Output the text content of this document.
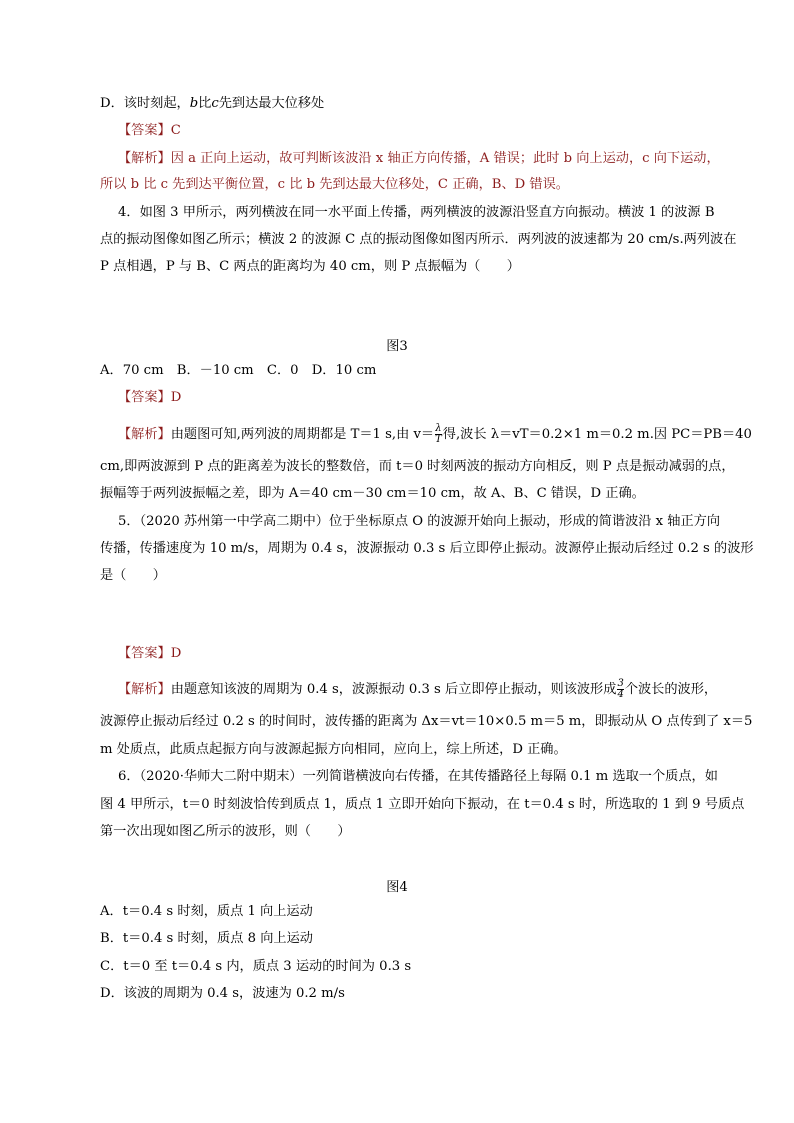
D．该时刻起，b比c先到达最大位移处
【答案】C
【解析】因 a 正向上运动，故可判断该波沿 x 轴正方向传播，A 错误；此时 b 向上运动，c 向下运动，
所以 b 比 c 先到达平衡位置，c 比 b 先到达最大位移处，C 正确，B、D 错误。
4．如图 3 甲所示，两列横波在同一水平面上传播，两列横波的波源沿竖直方向振动。横波 1 的波源 B
点的振动图像如图乙所示；横波 2 的波源 C 点的振动图像如图丙所示．两列波的波速都为 20 cm/s.两列波在
P 点相遇，P 与 B、C 两点的距离均为 40 cm，则 P 点振幅为（　　）
图3
A．70 cm　B．－10 cm　C．0　D．10 cm
【答案】D
【解析】由题图可知,两列波的周期都是 T＝1 s,由 $v=\frac{\lambda}{T}$ 得,波长 λ＝vT＝0.2×1 m＝0.2 m.因 PC＝PB＝40
cm,即两波源到 P 点的距离差为波长的整数倍，而 t＝0 时刻两波的振动方向相反，则 P 点是振动减弱的点，
振幅等于两列波振幅之差，即为 A＝40 cm－30 cm＝10 cm，故 A、B、C 错误，D 正确。
5．（2020 苏州第一中学高二期中）位于坐标原点 O 的波源开始向上振动，形成的简谐波沿 x 轴正方向
传播，传播速度为 10 m/s，周期为 0.4 s，波源振动 0.3 s 后立即停止振动。波源停止振动后经过 0.2 s 的波形
是（　　）
【答案】D
【解析】由题意知该波的周期为 0.4 s，波源振动 0.3 s 后立即停止振动，则该波形成$\frac{3}{4}$ 个波长的波形，
波源停止振动后经过 0.2 s 的时间时，波传播的距离为 Δx＝vt＝10×0.5 m＝5 m，即振动从 O 点传到了 x＝5
m 处质点，此质点起振方向与波源起振方向相同，应向上，综上所述，D 正确。
6．（2020·华师大二附中期末）一列简谐横波向右传播，在其传播路径上每隔 0.1 m 选取一个质点，如
图 4 甲所示，t＝0 时刻波恰传到质点 1，质点 1 立即开始向下振动，在 t＝0.4 s 时，所选取的 1 到 9 号质点
第一次出现如图乙所示的波形，则（　　）
图4
A．t＝0.4 s 时刻，质点 1 向上运动
B．t＝0.4 s 时刻，质点 8 向上运动
C．t＝0 至 t＝0.4 s 内，质点 3 运动的时间为 0.3 s
D．该波的周期为 0.4 s，波速为 0.2 m/s
